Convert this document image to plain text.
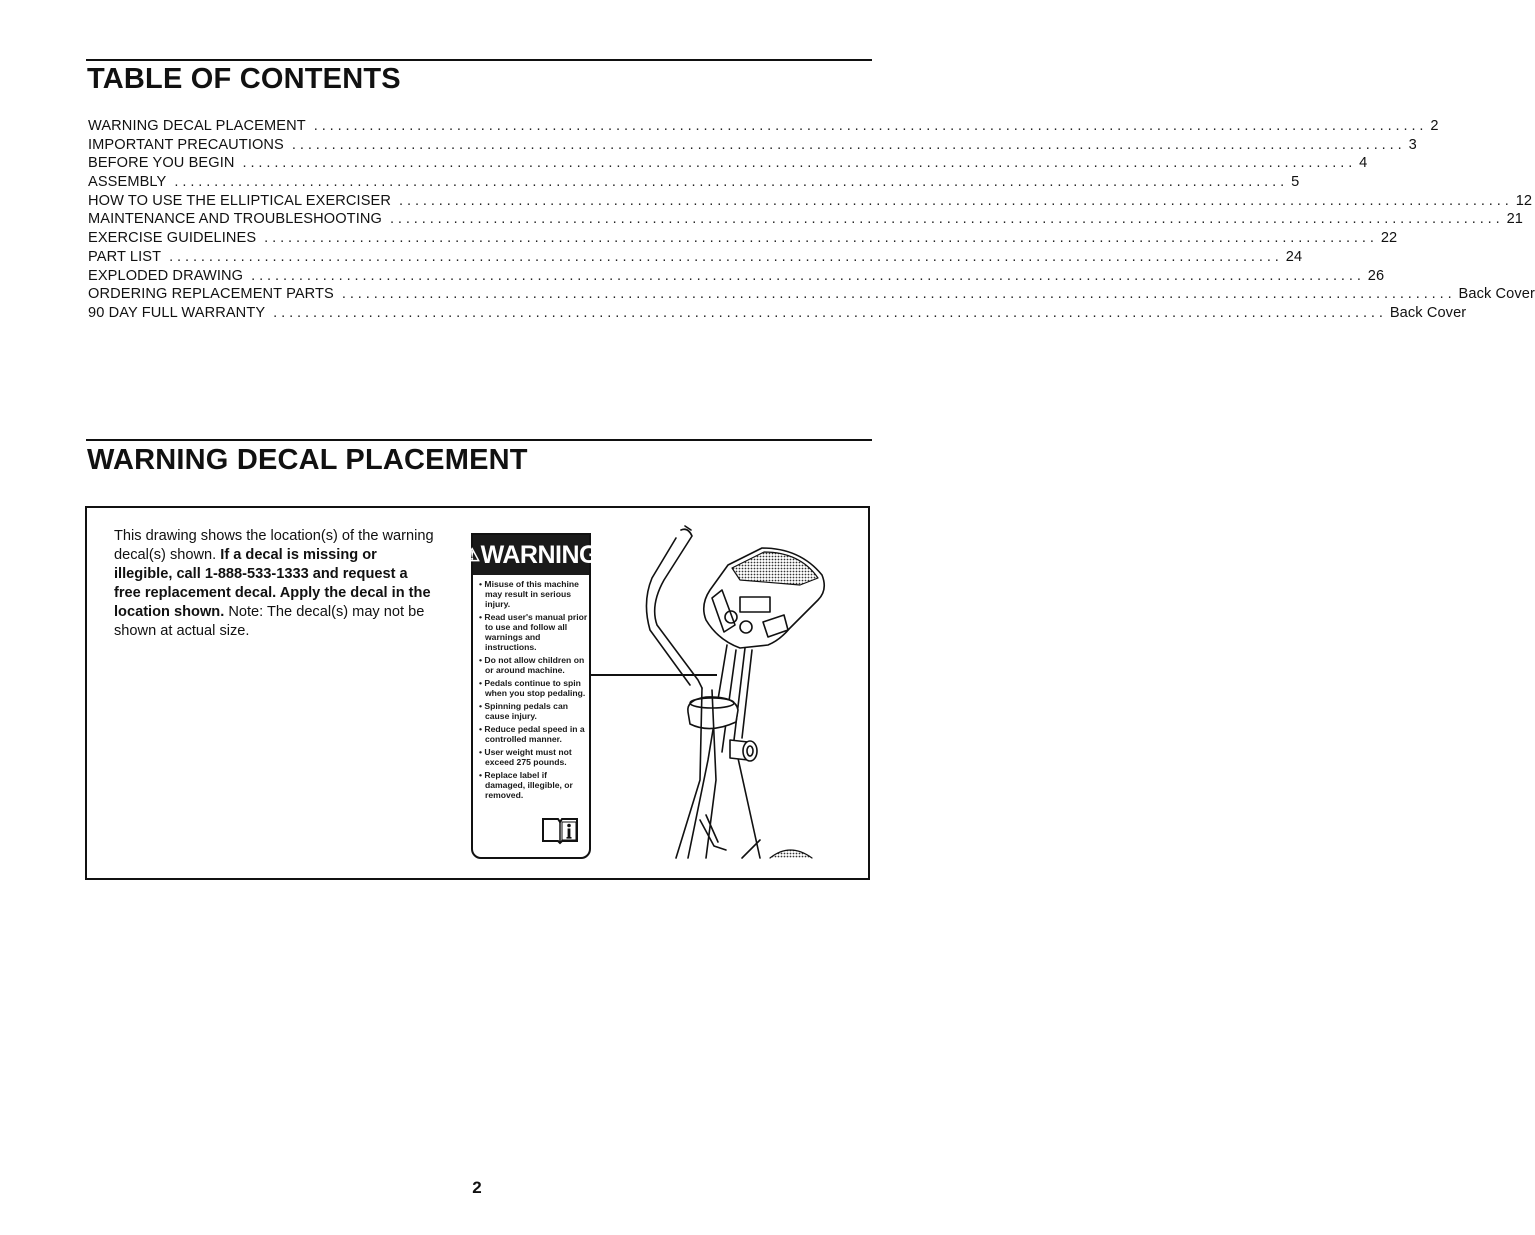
TABLE OF CONTENTS
WARNING DECAL PLACEMENT ............................................................................................................................................ 2
IMPORTANT PRECAUTIONS ............................................................................................................................................ 3
BEFORE YOU BEGIN ............................................................................................................................................ 4
ASSEMBLY ............................................................................................................................................ 5
HOW TO USE THE ELLIPTICAL EXERCISER ............................................................................................................................................ 12
MAINTENANCE AND TROUBLESHOOTING ............................................................................................................................................ 21
EXERCISE GUIDELINES ............................................................................................................................................ 22
PART LIST ............................................................................................................................................ 24
EXPLODED DRAWING ............................................................................................................................................ 26
ORDERING REPLACEMENT PARTS ............................................................................................................................................ Back Cover
90 DAY FULL WARRANTY ............................................................................................................................................ Back Cover
WARNING DECAL PLACEMENT

This drawing shows the location(s) of the warning decal(s) shown. If a decal is missing or illegible, call 1-888-533-1333 and request a free replacement decal. Apply the decal in the location shown. Note: The decal(s) may not be shown at actual size.

⚠ WARNING
• Misuse of this machine may result in serious injury.
• Read user's manual prior to use and follow all warnings and instructions.
• Do not allow children on or around machine.
• Pedals continue to spin when you stop pedaling.
• Spinning pedals can cause injury.
• Reduce pedal speed in a controlled manner.
• User weight must not exceed 275 pounds.
• Replace label if damaged, illegible, or removed.
2
